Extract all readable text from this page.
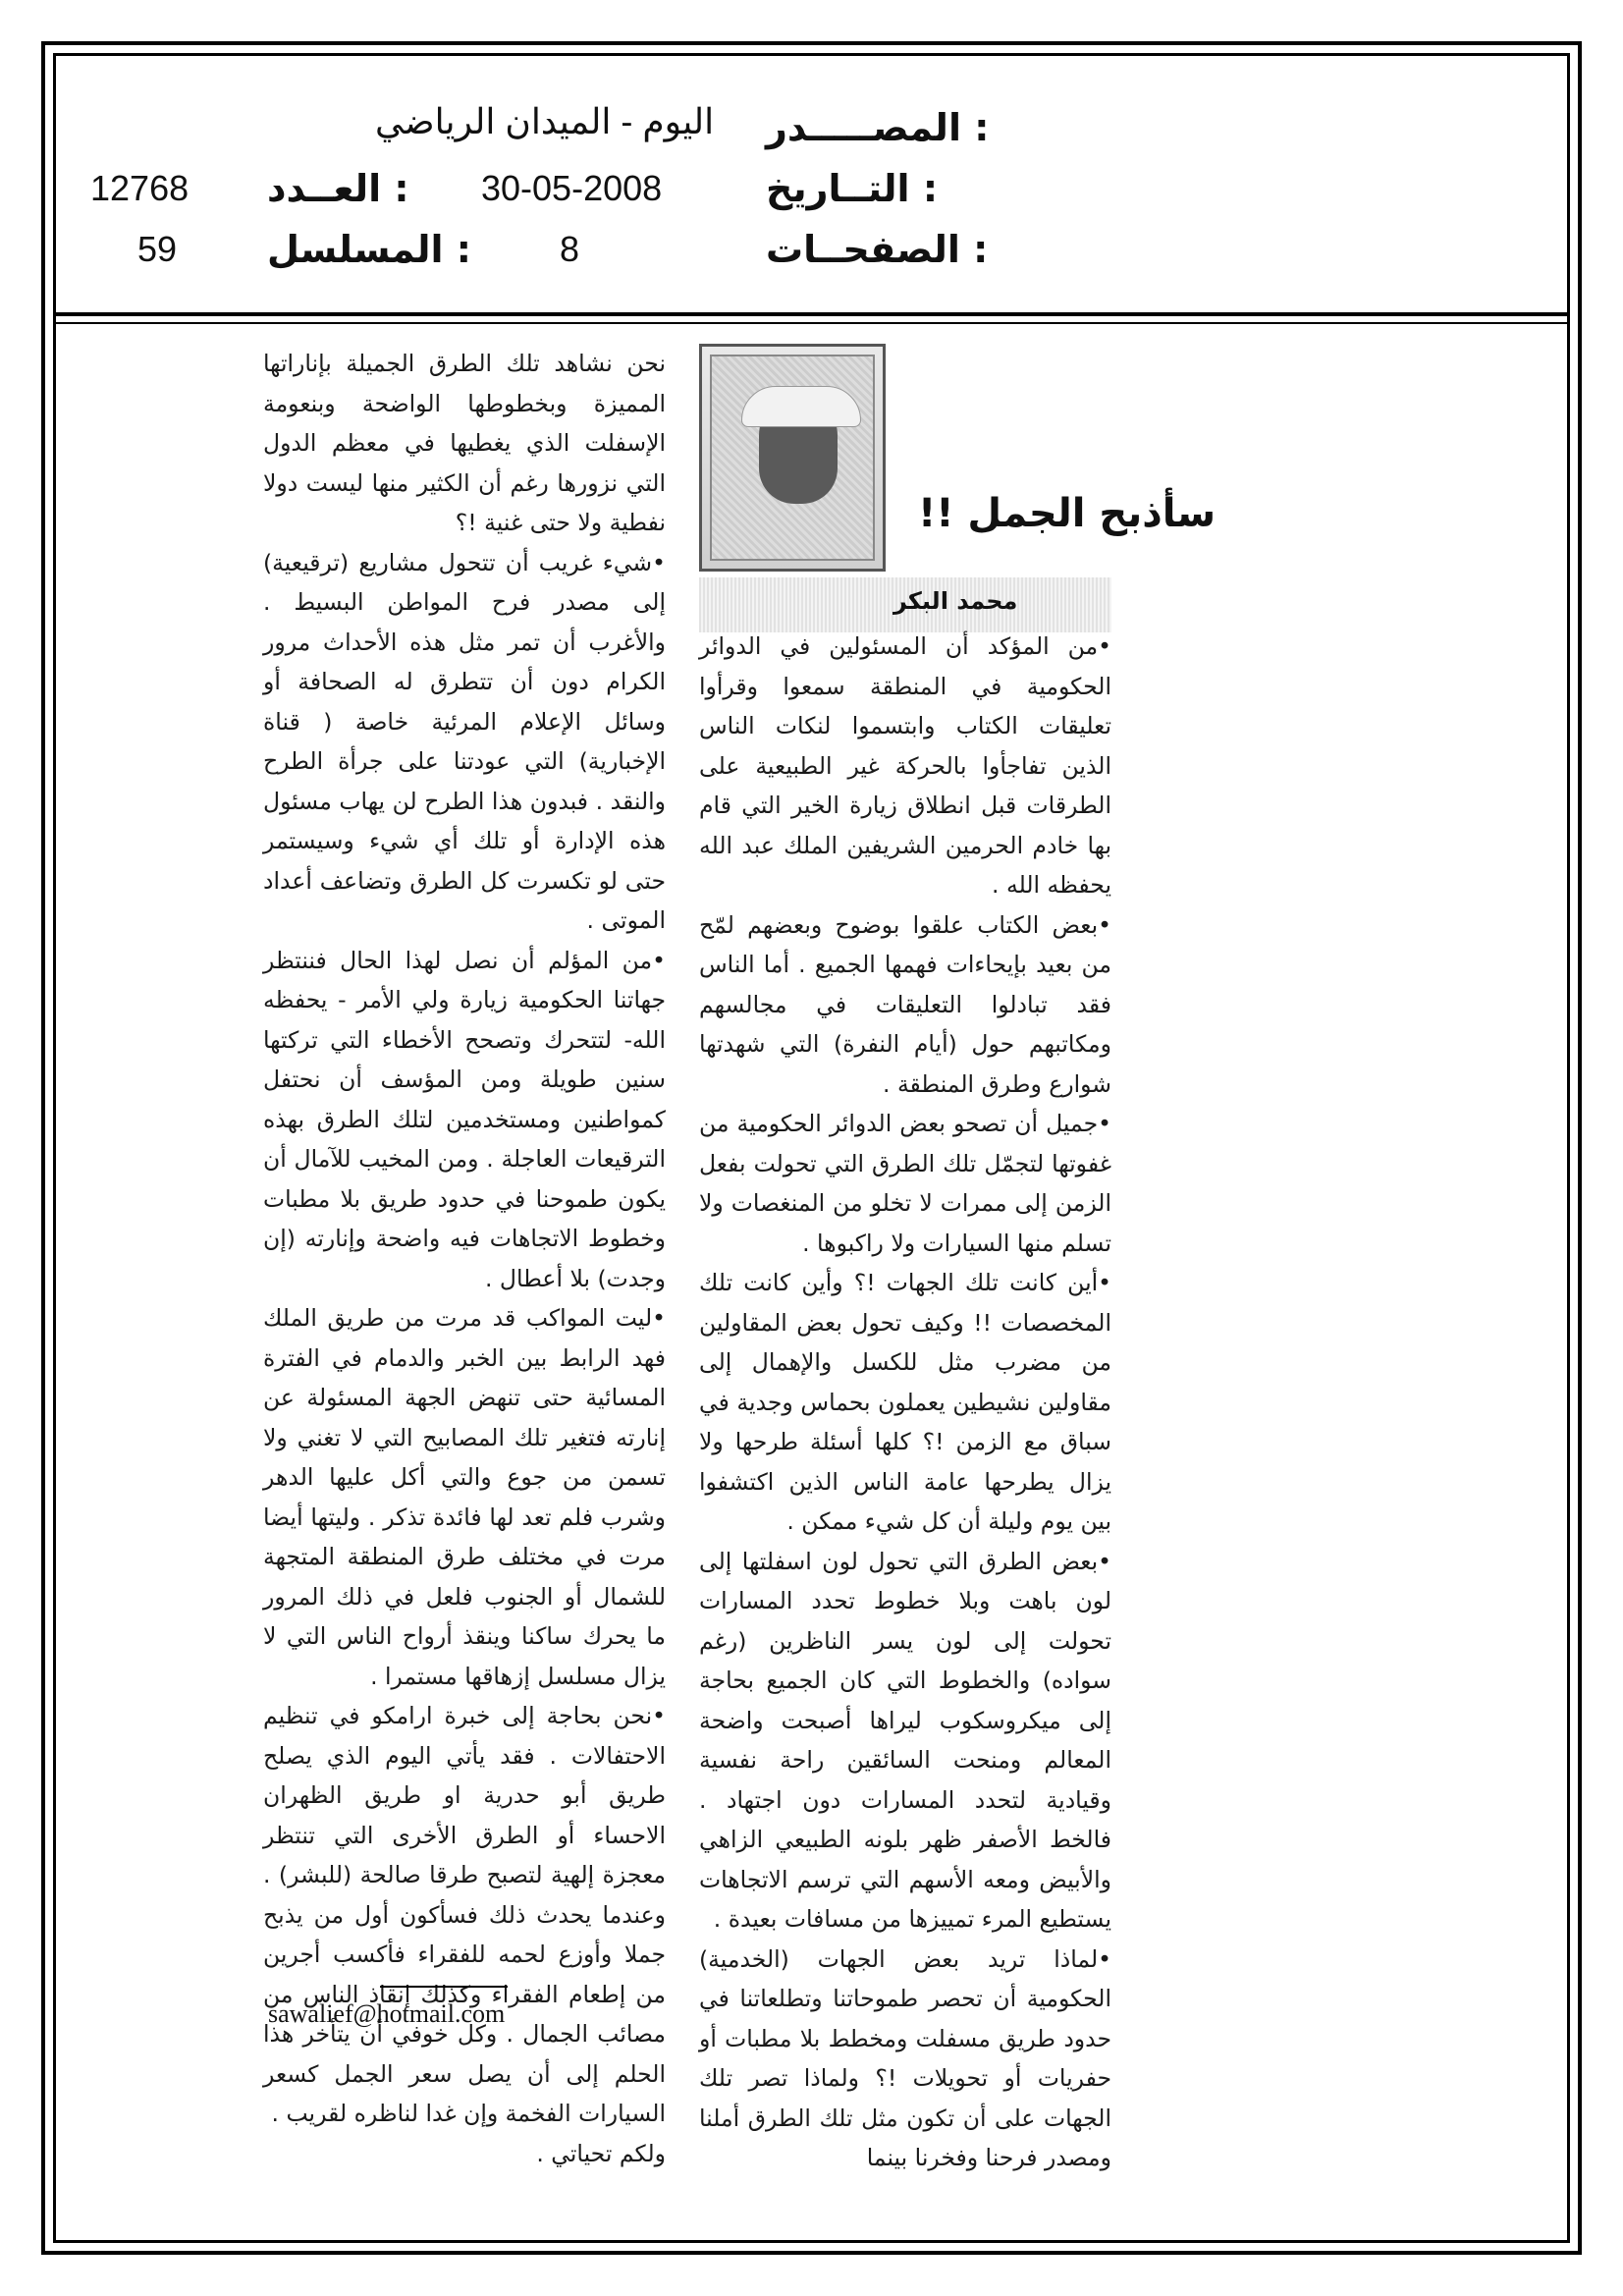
المصـــــدر :
اليوم - الميدان الرياضي
التــاريخ :
30-05-2008
العــدد :
12768
الصفحــات :
8
المسلسل :
59
سأذبح الجمل !!
محمد البكر

•من المؤكد أن المسئولين في الدوائر الحكومية في المنطقة سمعوا وقرأوا تعليقات الكتاب وابتسموا لنكات الناس الذين تفاجأوا بالحركة غير الطبيعية على الطرقات قبل انطلاق زيارة الخير التي قام بها خادم الحرمين الشريفين الملك عبد الله يحفظه الله .

•بعض الكتاب علقوا بوضوح وبعضهم لمّح من بعيد بإيحاءات فهمها الجميع . أما الناس فقد تبادلوا التعليقات في مجالسهم ومكاتبهم حول (أيام النفرة) التي شهدتها شوارع وطرق المنطقة .

•جميل أن تصحو بعض الدوائر الحكومية من غفوتها لتجمّل تلك الطرق التي تحولت بفعل الزمن إلى ممرات لا تخلو من المنغصات ولا تسلم منها السيارات ولا راكبوها .

•أين كانت تلك الجهات !؟ وأين كانت تلك المخصصات !! وكيف تحول بعض المقاولين من مضرب مثل للكسل والإهمال إلى مقاولين نشيطين يعملون بحماس وجدية في سباق مع الزمن !؟ كلها أسئلة طرحها ولا يزال يطرحها عامة الناس الذين اكتشفوا بين يوم وليلة أن كل شيء ممكن .

•بعض الطرق التي تحول لون اسفلتها إلى لون باهت وبلا خطوط تحدد المسارات تحولت إلى لون يسر الناظرين (رغم سواده) والخطوط التي كان الجميع بحاجة إلى ميكروسكوب ليراها أصبحت واضحة المعالم ومنحت السائقين راحة نفسية وقيادية لتحدد المسارات دون اجتهاد . فالخط الأصفر ظهر بلونه الطبيعي الزاهي والأبيض ومعه الأسهم التي ترسم الاتجاهات يستطيع المرء تمييزها من مسافات بعيدة .

•لماذا تريد بعض الجهات (الخدمية) الحكومية أن تحصر طموحاتنا وتطلعاتنا في حدود طريق مسفلت ومخطط بلا مطبات أو حفريات أو تحويلات !؟ ولماذا تصر تلك الجهات على أن تكون مثل تلك الطرق أملنا ومصدر فرحنا وفخرنا بينما

نحن نشاهد تلك الطرق الجميلة بإناراتها المميزة وبخطوطها الواضحة وبنعومة الإسفلت الذي يغطيها في معظم الدول التي نزورها رغم أن الكثير منها ليست دولا نفطية ولا حتى غنية !؟

•شيء غريب أن تتحول مشاريع (ترقيعية) إلى مصدر فرح المواطن البسيط . والأغرب أن تمر مثل هذه الأحداث مرور الكرام دون أن تتطرق له الصحافة أو وسائل الإعلام المرئية خاصة ( قناة الإخبارية) التي عودتنا على جرأة الطرح والنقد . فبدون هذا الطرح لن يهاب مسئول هذه الإدارة أو تلك أي شيء وسيستمر حتى لو تكسرت كل الطرق وتضاعف أعداد الموتى .

•من المؤلم أن نصل لهذا الحال فننتظر جهاتنا الحكومية زيارة ولي الأمر - يحفظه الله- لتتحرك وتصحح الأخطاء التي تركتها سنين طويلة ومن المؤسف أن نحتفل كمواطنين ومستخدمين لتلك الطرق بهذه الترقيعات العاجلة . ومن المخيب للآمال أن يكون طموحنا في حدود طريق بلا مطبات وخطوط الاتجاهات فيه واضحة وإنارته (إن وجدت) بلا أعطال .

•ليت المواكب قد مرت من طريق الملك فهد الرابط بين الخبر والدمام في الفترة المسائية حتى تنهض الجهة المسئولة عن إنارته فتغير تلك المصابيح التي لا تغني ولا تسمن من جوع والتي أكل عليها الدهر وشرب فلم تعد لها فائدة تذكر . وليتها أيضا مرت في مختلف طرق المنطقة المتجهة للشمال أو الجنوب فلعل في ذلك المرور ما يحرك ساكنا وينقذ أرواح الناس التي لا يزال مسلسل إزهاقها مستمرا .

•نحن بحاجة إلى خبرة ارامكو في تنظيم الاحتفالات . فقد يأتي اليوم الذي يصلح طريق أبو حدرية او طريق الظهران الاحساء أو الطرق الأخرى التي تنتظر معجزة إلهية لتصبح طرقا صالحة (للبشر) . وعندما يحدث ذلك فسأكون أول من يذبح جملا وأوزع لحمه للفقراء فأكسب أجرين من إطعام الفقراء وكذلك إنقاذ الناس من مصائب الجمال . وكل خوفي أن يتأخر هذا الحلم إلى أن يصل سعر الجمل كسعر السيارات الفخمة وإن غدا لناظره لقريب .

ولكم تحياتي .

sawalief@hotmail.com
